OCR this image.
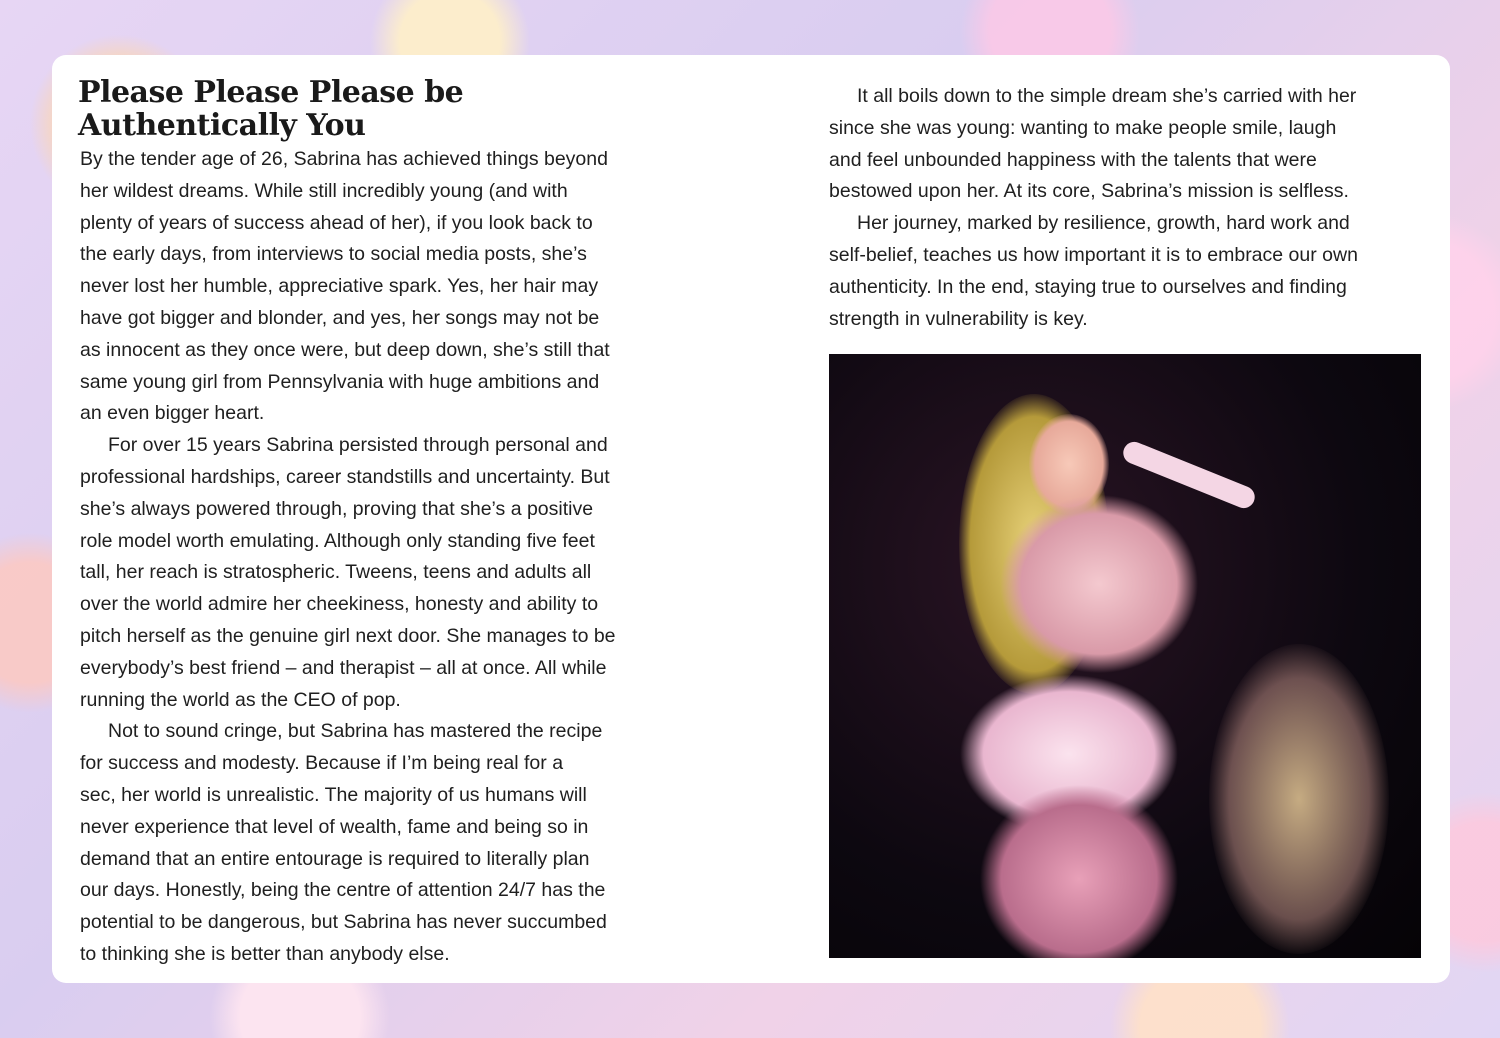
Please Please Please be
Authentically You
By the tender age of 26, Sabrina has achieved things beyond
her wildest dreams. While still incredibly young (and with
plenty of years of success ahead of her), if you look back to
the early days, from interviews to social media posts, she’s
never lost her humble, appreciative spark. Yes, her hair may
have got bigger and blonder, and yes, her songs may not be
as innocent as they once were, but deep down, she’s still that
same young girl from Pennsylvania with huge ambitions and
an even bigger heart.
For over 15 years Sabrina persisted through personal and
professional hardships, career standstills and uncertainty. But
she’s always powered through, proving that she’s a positive
role model worth emulating. Although only standing five feet
tall, her reach is stratospheric. Tweens, teens and adults all
over the world admire her cheekiness, honesty and ability to
pitch herself as the genuine girl next door. She manages to be
everybody’s best friend – and therapist – all at once. All while
running the world as the CEO of pop.
Not to sound cringe, but Sabrina has mastered the recipe
for success and modesty. Because if I’m being real for a
sec, her world is unrealistic. The majority of us humans will
never experience that level of wealth, fame and being so in
demand that an entire entourage is required to literally plan
our days. Honestly, being the centre of attention 24/7 has the
potential to be dangerous, but Sabrina has never succumbed
to thinking she is better than anybody else.
It all boils down to the simple dream she’s carried with her
since she was young: wanting to make people smile, laugh
and feel unbounded happiness with the talents that were
bestowed upon her. At its core, Sabrina’s mission is selfless.
Her journey, marked by resilience, growth, hard work and
self-belief, teaches us how important it is to embrace our own
authenticity. In the end, staying true to ourselves and finding
strength in vulnerability is key.
